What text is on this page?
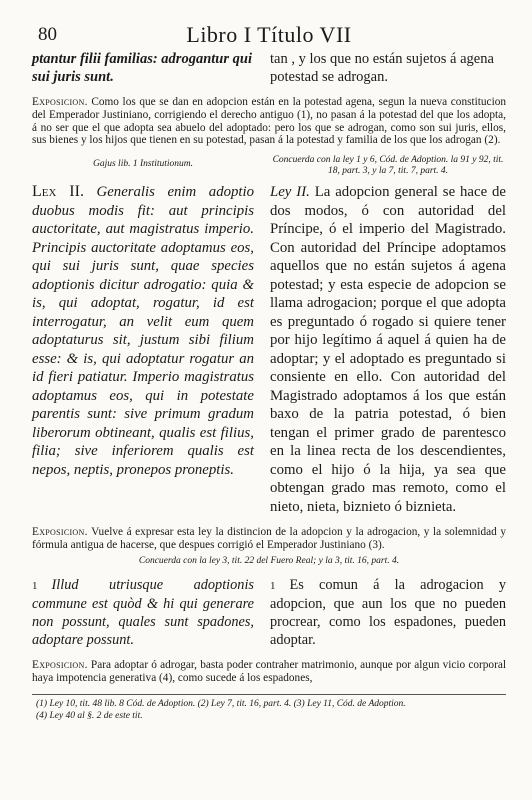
80	Libro I Título VII
ptantur filii familias: adrogantur qui sui juris sunt.
tan , y los que no están sujetos á agena potestad se adrogan.

Exposicion. Como los que se dan en adopcion están en la potestad agena, segun la nueva constitucion del Emperador Justiniano, corrigiendo el derecho antiguo (1), no pasan á la potestad del que los adopta, á no ser que el que adopta sea abuelo del adoptado: pero los que se adrogan, como son sui juris, ellos, sus bienes y los hijos que tienen en su potestad, pasan á la potestad y familia de los que los adrogan (2).

Gajus lib. 1 Institutionum.	Concuerda con la ley 1 y 6, Cód. de Adoption. la 91 y 92, tit. 18, part. 3, y la 7, tit. 7, part. 4.
Lex II. Generalis enim adoptio duobus modis fit: aut principis auctoritate, aut magistratus imperio. Principis auctoritate adoptamus eos, qui sui juris sunt, quae species adoptionis dicitur adrogatio: quia & is, qui adoptat, rogatur, id est interrogatur, an velit eum quem adoptaturus sit, justum sibi filium esse: & is, qui adoptatur rogatur an id fieri patiatur. Imperio magistratus adoptamus eos, qui in potestate parentis sunt: sive primum gradum liberorum obtineant, qualis est filius, filia; sive inferiorem qualis est nepos, neptis, pronepos proneptis.
Ley II. La adopcion general se hace de dos modos, ó con autoridad del Príncipe, ó el imperio del Magistrado. Con autoridad del Príncipe adoptamos aquellos que no están sujetos á agena potestad; y esta especie de adopcion se llama adrogacion; porque el que adopta es preguntado ó rogado si quiere tener por hijo legítimo á aquel á quien ha de adoptar; y el adoptado es preguntado si consiente en ello. Con autoridad del Magistrado adoptamos á los que están baxo de la patria potestad, ó bien tengan el primer grado de parentesco en la linea recta de los descendientes, como el hijo ó la hija, ya sea que obtengan grado mas remoto, como el nieto, nieta, biznieto ó biznieta.

Exposicion. Vuelve á expresar esta ley la distincion de la adopcion y la adrogacion, y la solemnidad y fórmula antigua de hacerse, que despues corrigió el Emperador Justiniano (3).

Concuerda con la ley 3, tit. 22 del Fuero Real; y la 3, tit. 16, part. 4.
1 Illud utriusque adoptionis commune est quòd & hi qui generare non possunt, quales sunt spadones, adoptare possunt.
1 Es comun á la adrogacion y adopcion, que aun los que no pueden procrear, como los espadones, pueden adoptar.

Exposicion. Para adoptar ó adrogar, basta poder contraher matrimonio, aunque por algun vicio corporal haya impotencia generativa (4), como sucede á los espadones,

(1) Ley 10, tit. 48 lib. 8 Cód. de Adoption. (2) Ley 7, tit. 16, part. 4. (3) Ley 11, Cód. de Adoption.
(4) Ley 40 al §. 2 de este tit.
